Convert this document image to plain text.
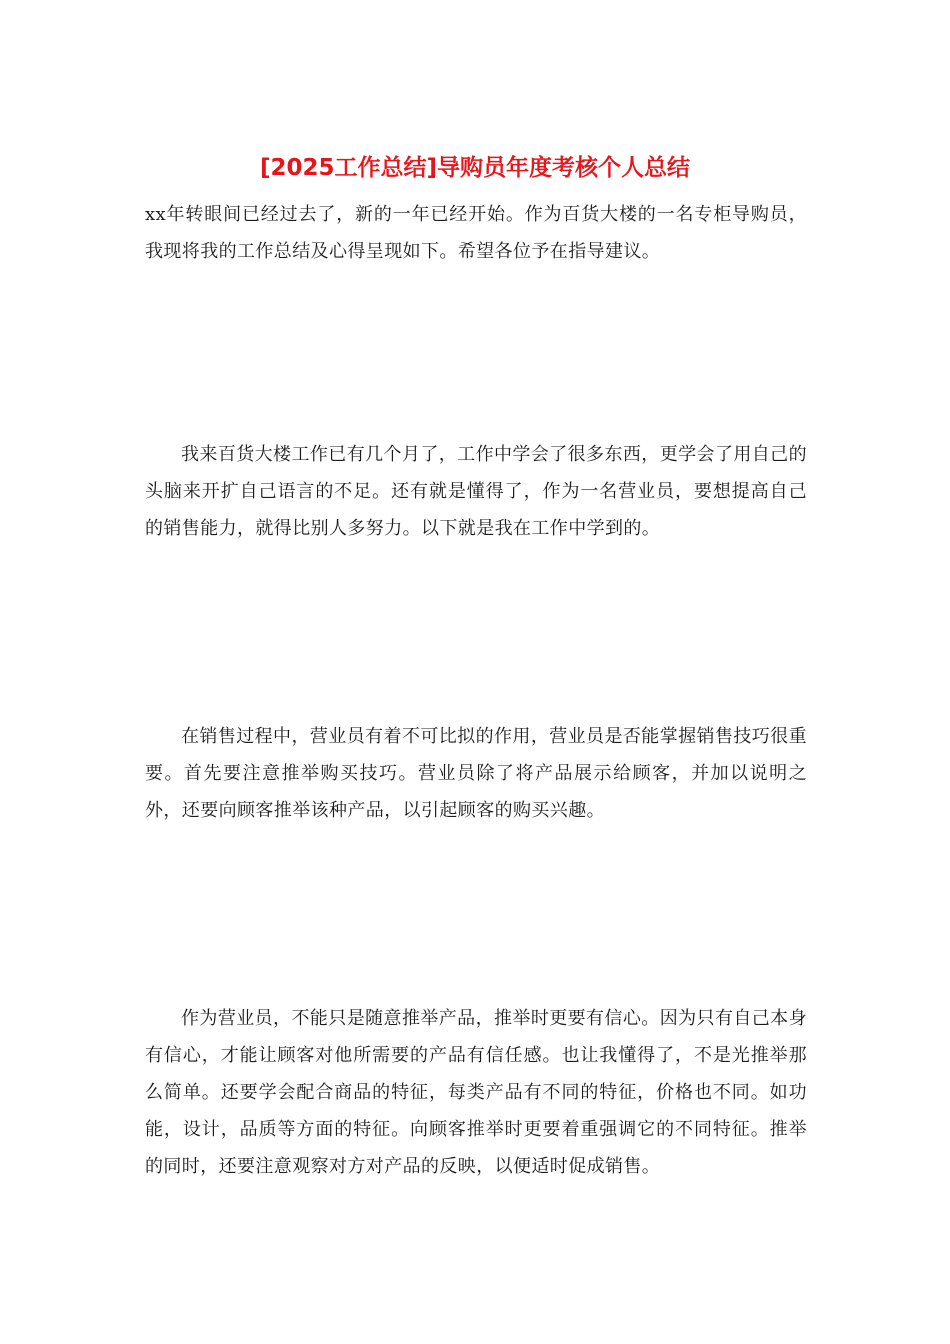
[2025工作总结]导购员年度考核个人总结

xx年转眼间已经过去了，新的一年已经开始。作为百货大楼的一名专柜导购员，我现将我的工作总结及心得呈现如下。希望各位予在指导建议。

我来百货大楼工作已有几个月了，工作中学会了很多东西，更学会了用自己的头脑来开扩自己语言的不足。还有就是懂得了，作为一名营业员，要想提高自己的销售能力，就得比别人多努力。以下就是我在工作中学到的。

在销售过程中，营业员有着不可比拟的作用，营业员是否能掌握销售技巧很重要。首先要注意推举购买技巧。营业员除了将产品展示给顾客，并加以说明之外，还要向顾客推举该种产品，以引起顾客的购买兴趣。

作为营业员，不能只是随意推举产品，推举时更要有信心。因为只有自己本身有信心，才能让顾客对他所需要的产品有信任感。也让我懂得了，不是光推举那么简单。还要学会配合商品的特征，每类产品有不同的特征，价格也不同。如功能，设计，品质等方面的特征。向顾客推举时更要着重强调它的不同特征。推举的同时，还要注意观察对方对产品的反映，以便适时促成销售。
